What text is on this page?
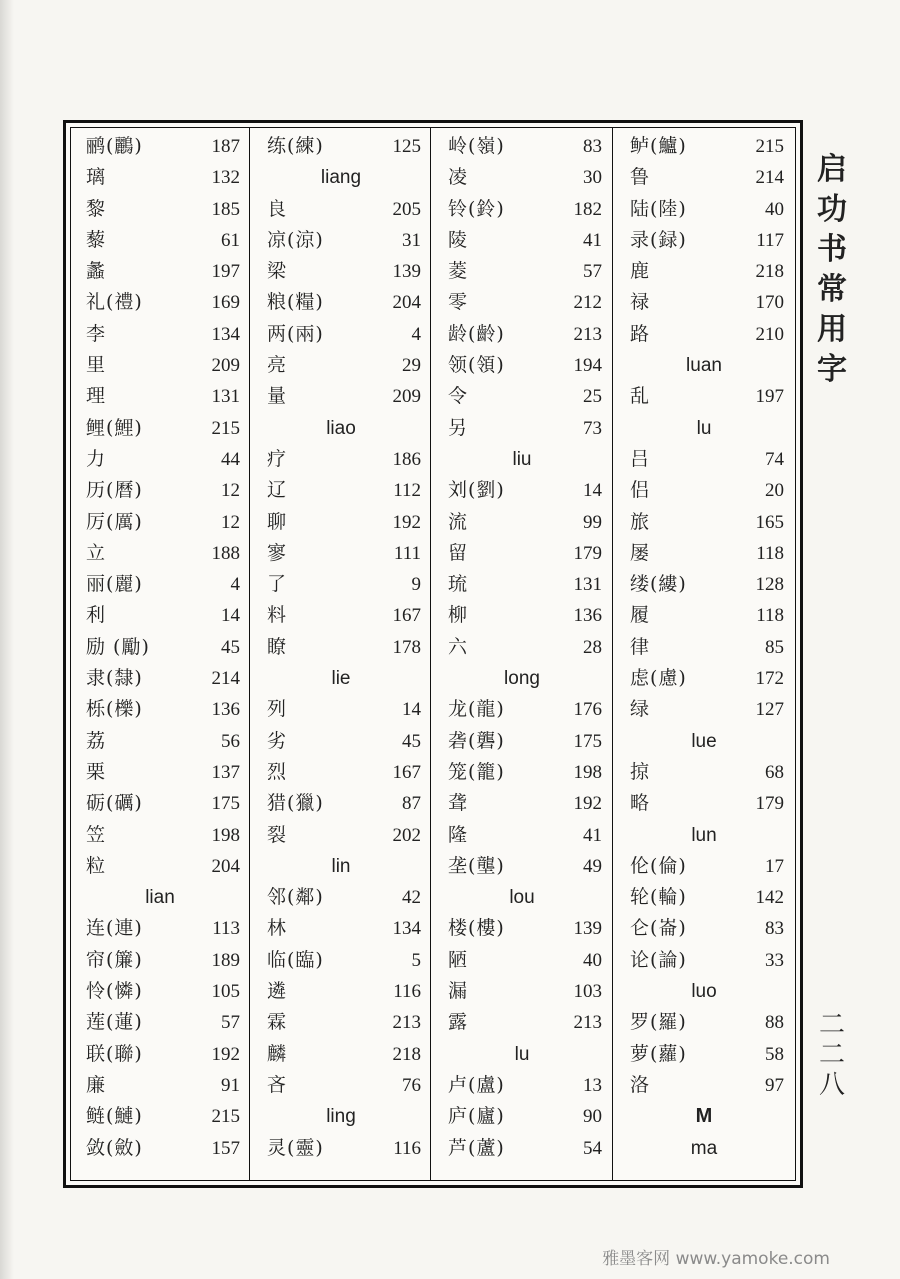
鹂(鸝)	187
璃	132
黎	185
藜	61
蠡	197
礼(禮)	169
李	134
里	209
理	131
鲤(鯉)	215
力	44
历(曆)	12
厉(厲)	12
立	188
丽(麗)	4
利	14
励 (勵)	45
隶(隸)	214
栎(櫟)	136
荔	56
栗	137
砺(礪)	175
笠	198
粒	204
lian
连(連)	113
帘(簾)	189
怜(憐)	105
莲(蓮)	57
联(聯)	192
廉	91
鲢(鰱)	215
敛(斂)	157
练(練)	125
liang
良	205
凉(涼)	31
梁	139
粮(糧)	204
两(兩)	4
亮	29
量	209
liao
疗	186
辽	112
聊	192
寥	111
了	9
料	167
瞭	178
lie
列	14
劣	45
烈	167
猎(獵)	87
裂	202
lin
邻(鄰)	42
林	134
临(臨)	5
遴	116
霖	213
麟	218
吝	76
ling
灵(靈)	116
岭(嶺)	83
凌	30
铃(鈴)	182
陵	41
菱	57
零	212
龄(齡)	213
领(領)	194
令	25
另	73
liu
刘(劉)	14
流	99
留	179
琉	131
柳	136
六	28
long
龙(龍)	176
砻(礱)	175
笼(籠)	198
聋	192
隆	41
垄(壟)	49
lou
楼(樓)	139
陋	40
漏	103
露	213
lu
卢(盧)	13
庐(廬)	90
芦(蘆)	54
鲈(鱸)	215
鲁	214
陆(陸)	40
录(録)	117
鹿	218
禄	170
路	210
luan
乱	197
lu
吕	74
侣	20
旅	165
屡	118
缕(縷)	128
履	118
律	85
虑(慮)	172
绿	127
lue
掠	68
略	179
lun
伦(倫)	17
轮(輪)	142
仑(崙)	83
论(論)	33
luo
罗(羅)	88
萝(蘿)	58
洛	97
M
ma
启
功
书
常
用
字
二
二
八
雅墨客网 www.yamoke.com
